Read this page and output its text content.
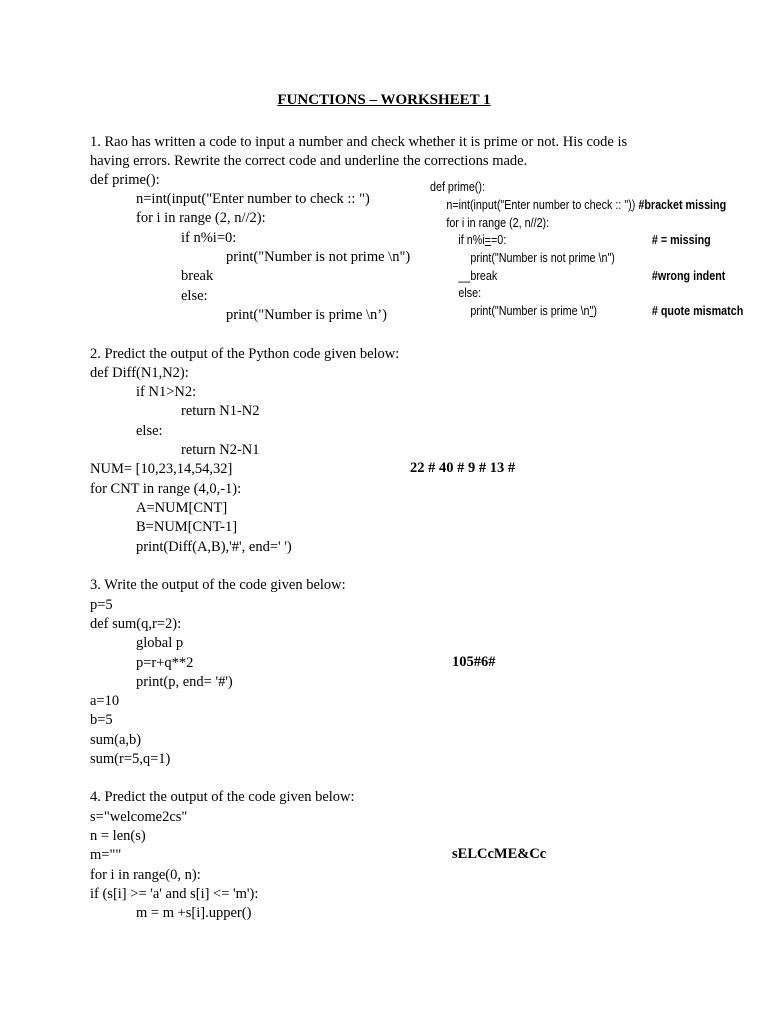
FUNCTIONS – WORKSHEET 1
1. Rao has written a code to input a number and check whether it is prime or not. His code is
having errors. Rewrite the correct code and underline the corrections made.
def prime():
n=int(input("Enter number to check :: ")
for i in range (2, n//2):
if n%i=0:
print("Number is not prime \n")
break
else:
print("Number is prime \n’)
def prime():
n=int(input("Enter number to check :: ")) #bracket missing
for i in range (2, n//2):
if n%i==0:	# = missing
print("Number is not prime \n")
__break	#wrong indent
else:
print("Number is prime \n")	# quote mismatch
2. Predict the output of the Python code given below:
def Diff(N1,N2):
if N1>N2:
return N1-N2
else:
return N2-N1
NUM= [10,23,14,54,32]
for CNT in range (4,0,-1):
A=NUM[CNT]
B=NUM[CNT-1]
print(Diff(A,B),'#', end=' ')
22 # 40 # 9 # 13 #
3. Write the output of the code given below:
p=5
def sum(q,r=2):
global p
p=r+q**2
print(p, end= '#')
a=10
b=5
sum(a,b)
sum(r=5,q=1)
105#6#
4. Predict the output of the code given below:
s="welcome2cs"
n = len(s)
m=""
for i in range(0, n):
if (s[i] >= 'a' and s[i] <= 'm'):
m = m +s[i].upper()
sELCcME&Cc
